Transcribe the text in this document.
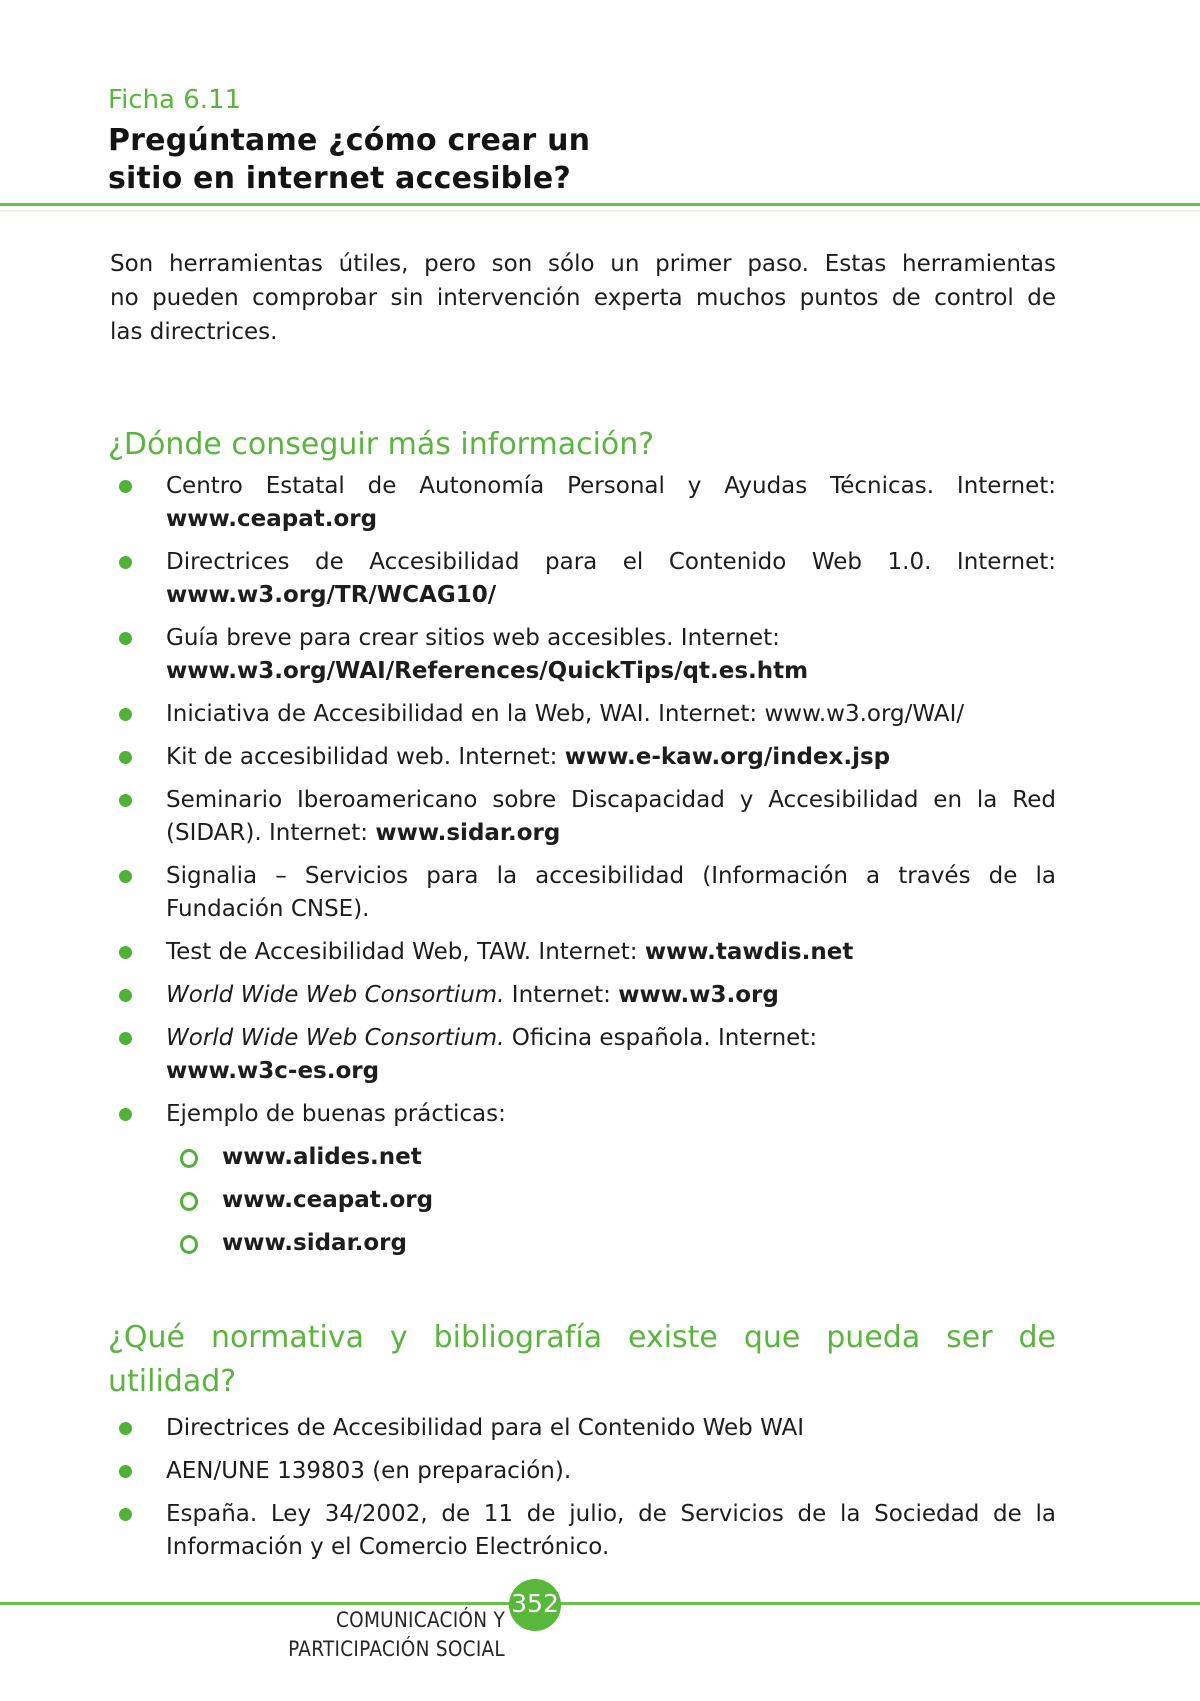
Ficha 6.11
Pregúntame ¿cómo crear un
sitio en internet accesible?
Son herramientas útiles, pero son sólo un primer paso. Estas herramientas
no pueden comprobar sin intervención experta muchos puntos de control de
las directrices.
¿Dónde conseguir más información?
Centro Estatal de Autonomía Personal y Ayudas Técnicas. Internet:
www.ceapat.org
Directrices de Accesibilidad para el Contenido Web 1.0. Internet:
www.w3.org/TR/WCAG10/
Guía breve para crear sitios web accesibles. Internet:
www.w3.org/WAI/References/QuickTips/qt.es.htm
Iniciativa de Accesibilidad en la Web, WAI. Internet: www.w3.org/WAI/
Kit de accesibilidad web. Internet: www.e-kaw.org/index.jsp
Seminario Iberoamericano sobre Discapacidad y Accesibilidad en la Red
(SIDAR). Internet: www.sidar.org
Signalia – Servicios para la accesibilidad (Información a través de la
Fundación CNSE).
Test de Accesibilidad Web, TAW. Internet: www.tawdis.net
World Wide Web Consortium. Internet: www.w3.org
World Wide Web Consortium. Oficina española. Internet:
www.w3c-es.org
Ejemplo de buenas prácticas:
www.alides.net
www.ceapat.org
www.sidar.org
¿Qué normativa y bibliografía existe que pueda ser de
utilidad?
Directrices de Accesibilidad para el Contenido Web WAI
AEN/UNE 139803 (en preparación).
España. Ley 34/2002, de 11 de julio, de Servicios de la Sociedad de la
Información y el Comercio Electrónico.
COMUNICACIÓN Y
PARTICIPACIÓN SOCIAL
352
